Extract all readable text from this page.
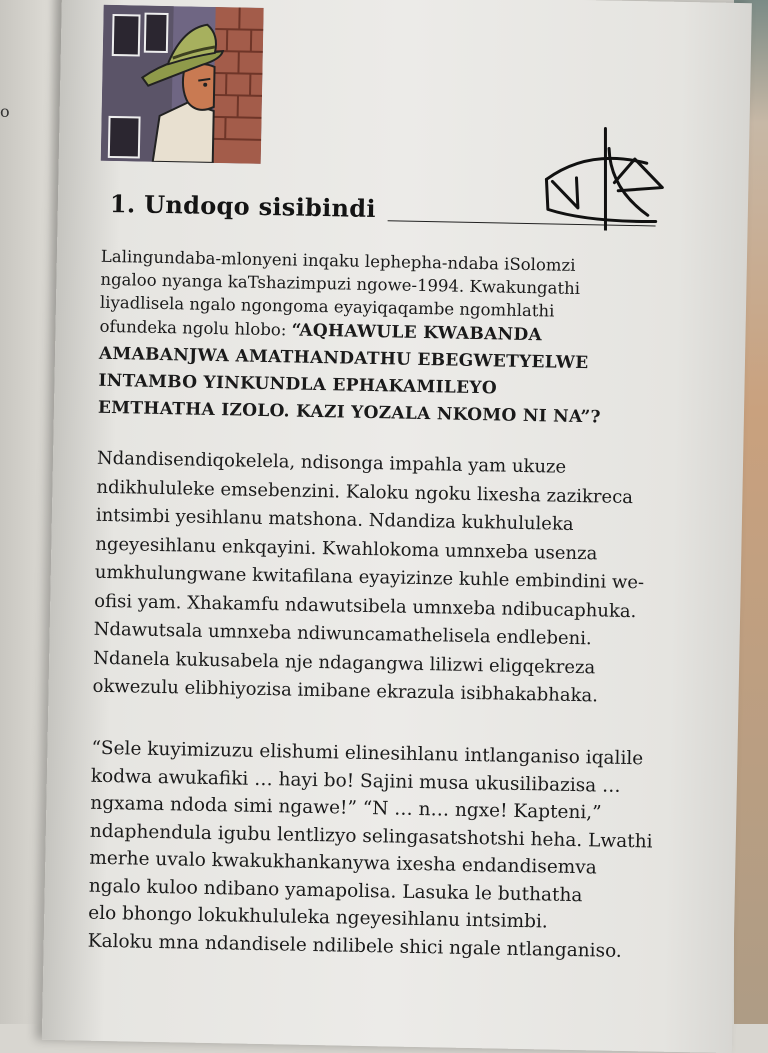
o
1. Undoqo sisibindi
Lalingundaba-mlonyeni inqaku lephepha-ndaba iSolomzi
ngaloo nyanga kaTshazimpuzi ngowe-1994. Kwakungathi
liyadlisela ngalo ngongoma eyayiqaqambe ngomhlathi
ofundeka ngolu hlobo: “AQHAWULE KWABANDA
AMABANJWA AMATHANDATHU EBEGWETYELWE
INTAMBO YINKUNDLA EPHAKAMILEYO
EMTHATHA IZOLO. KAZI YOZALA NKOMO NI NA”?
Ndandisendiqokelela, ndisonga impahla yam ukuze
ndikhululeke emsebenzini. Kaloku ngoku lixesha zazikreca
intsimbi yesihlanu matshona. Ndandiza kukhululeka
ngeyesihlanu enkqayini. Kwahlokoma umnxeba usenza
umkhulungwane kwitafilana eyayizinze kuhle embindini we-
ofisi yam. Xhakamfu ndawutsibela umnxeba ndibucaphuka.
Ndawutsala umnxeba ndiwuncamathelisela endlebeni.
Ndanela kukusabela nje ndagangwa lilizwi eligqekreza
okwezulu elibhiyozisa imibane ekrazula isibhakabhaka.
“Sele kuyimizuzu elishumi elinesihlanu intlanganiso iqalile
kodwa awukafiki … hayi bo! Sajini musa ukusilibazisa …
ngxama ndoda simi ngawe!” “N … n… ngxe! Kapteni,”
ndaphendula igubu lentlizyo selingasatshotshi heha. Lwathi
merhe uvalo kwakukhankanywa ixesha endandisemva
ngalo kuloo ndibano yamapolisa. Lasuka le buthatha
elo bhongo lokukhululeka ngeyesihlanu intsimbi.
Kaloku mna ndandisele ndilibele shici ngale ntlanganiso.
